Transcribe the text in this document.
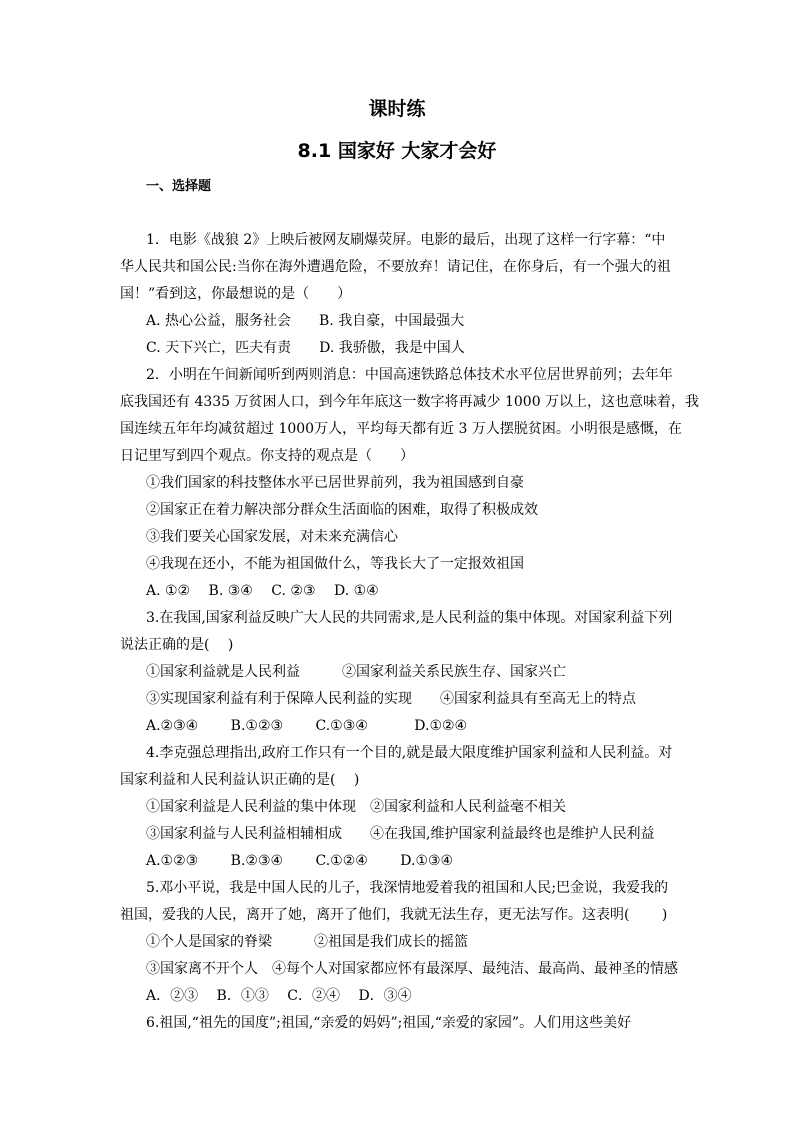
课时练
8.1 国家好 大家才会好
一、选择题
1．电影《战狼 2》上映后被网友刷爆荧屏。电影的最后，出现了这样一行字幕：“中
华人民共和国公民:当你在海外遭遇危险，不要放弃！请记住，在你身后，有一个强大的祖
国！”看到这，你最想说的是（　　）
A. 热心公益，服务社会　　B. 我自豪，中国最强大
C. 天下兴亡，匹夫有责　　D. 我骄傲，我是中国人
2．小明在午间新闻听到两则消息：中国高速铁路总体技术水平位居世界前列；去年年
底我国还有 4335 万贫困人口，到今年年底这一数字将再减少 1000 万以上，这也意味着，我
国连续五年年均减贫超过 1000万人，平均每天都有近 3 万人摆脱贫困。小明很是感慨，在
日记里写到四个观点。你支持的观点是（　　）
①我们国家的科技整体水平已居世界前列，我为祖国感到自豪
②国家正在着力解决部分群众生活面临的困难，取得了积极成效
③我们要关心国家发展，对未来充满信心
④我现在还小，不能为祖国做什么，等我长大了一定报效祖国
A. ①②　 B. ③④　 C. ②③　 D. ①④
3.在我国,国家利益反映广大人民的共同需求,是人民利益的集中体现。对国家利益下列
说法正确的是(　 )
①国家利益就是人民利益　　　②国家利益关系民族生存、国家兴亡
③实现国家利益有利于保障人民利益的实现　　④国家利益具有至高无上的特点
A.②③④　　 B.①②③　　 C.①③④　　　 D.①②④
4.李克强总理指出,政府工作只有一个目的,就是最大限度维护国家利益和人民利益。对
国家利益和人民利益认识正确的是(　 )
①国家利益是人民利益的集中体现　②国家利益和人民利益毫不相关
③国家利益与人民利益相辅相成　　④在我国,维护国家利益最终也是维护人民利益
A.①②③　　 B.②③④　　 C.①②④　　 D.①③④
5.邓小平说，我是中国人民的儿子，我深情地爱着我的祖国和人民;巴金说，我爱我的
祖国，爱我的人民，离开了她，离开了他们，我就无法生存，更无法写作。这表明(　　 )
①个人是国家的脊梁　　　②祖国是我们成长的摇篮
③国家离不开个人　④每个人对国家都应怀有最深厚、最纯洁、最高尚、最神圣的情感
A．②③　 B．①③　 C．②④　 D．③④
6.祖国,“祖先的国度”;祖国,“亲爱的妈妈”;祖国,“亲爱的家园”。人们用这些美好
